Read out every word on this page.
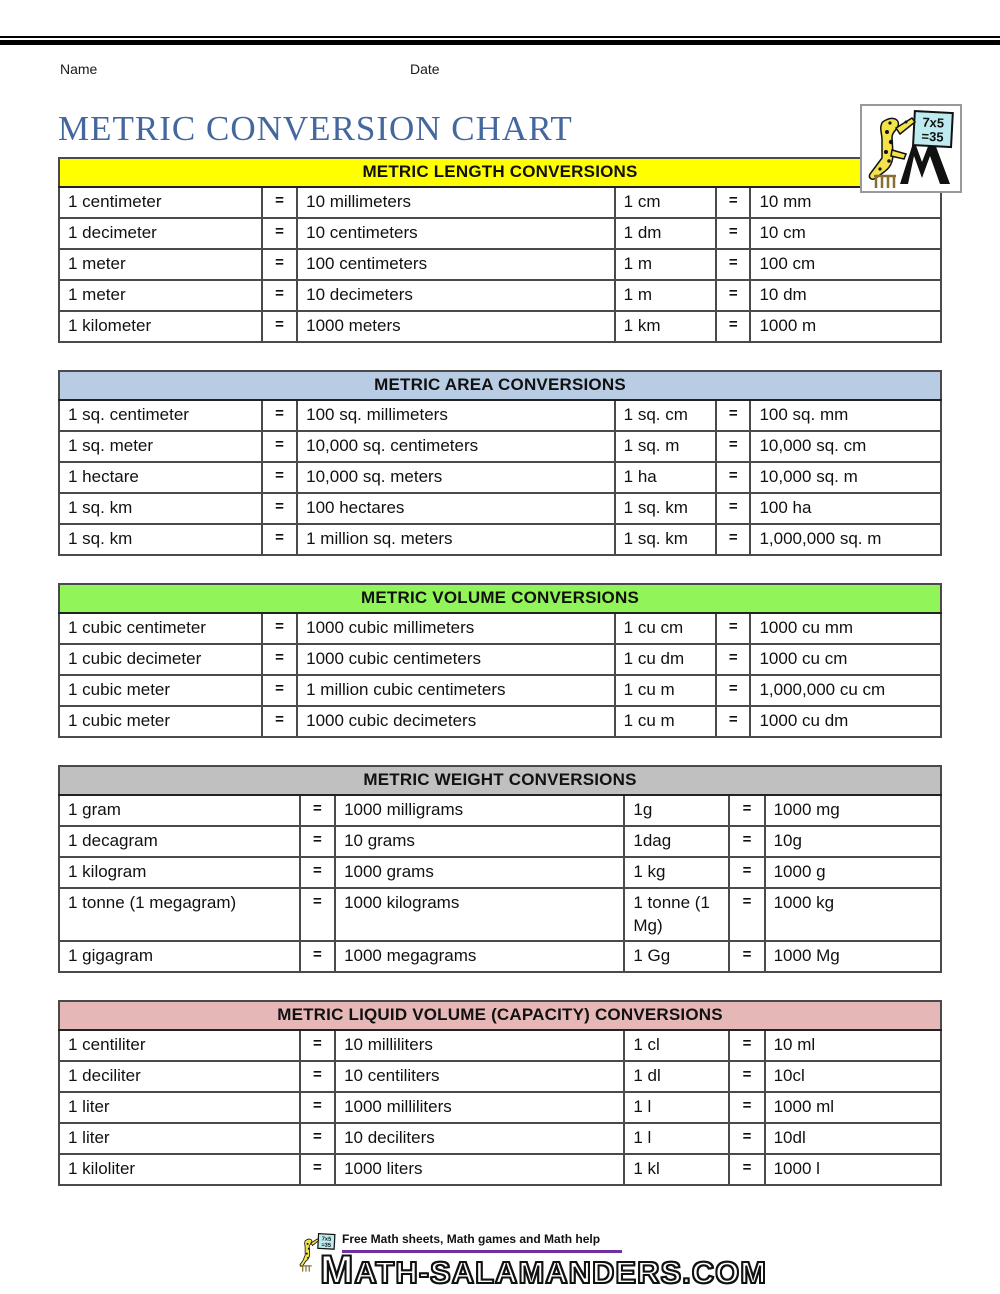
Name	Date
METRIC CONVERSION CHART	7x5
=35
METRIC LENGTH CONVERSIONS					
1 centimeter	=	10 millimeters	1 cm	=	10 mm
1 decimeter	=	10 centimeters	1 dm	=	10 cm
1 meter	=	100 centimeters	1 m	=	100 cm
1 meter	=	10 decimeters	1 m	=	10 dm
1 kilometer	=	1000 meters	1 km	=	1000 m
METRIC AREA CONVERSIONS					
1 sq. centimeter	=	100 sq. millimeters	1 sq. cm	=	100 sq. mm
1 sq. meter	=	10,000 sq. centimeters	1 sq. m	=	10,000 sq. cm
1 hectare	=	10,000 sq. meters	1 ha	=	10,000 sq. m
1 sq. km	=	100 hectares	1 sq. km	=	100 ha
1 sq. km	=	1 million sq. meters	1 sq. km	=	1,000,000 sq. m
METRIC VOLUME CONVERSIONS					
1 cubic centimeter	=	1000 cubic millimeters	1 cu cm	=	1000 cu mm
1 cubic decimeter	=	1000 cubic centimeters	1 cu dm	=	1000 cu cm
1 cubic meter	=	1 million cubic centimeters	1 cu m	=	1,000,000 cu cm
1 cubic meter	=	1000 cubic decimeters	1 cu m	=	1000 cu dm
METRIC WEIGHT CONVERSIONS					
1 gram	=	1000 milligrams	1g	=	1000 mg
1 decagram	=	10 grams	1dag	=	10g
1 kilogram	=	1000 grams	1 kg	=	1000 g
1 tonne (1 megagram)	=	1000 kilograms	1 tonne (1 Mg)	=	1000 kg
1 gigagram	=	1000 megagrams	1 Gg	=	1000 Mg
METRIC LIQUID VOLUME (CAPACITY) CONVERSIONS					
1 centiliter	=	10 milliliters	1 cl	=	10 ml
1 deciliter	=	10 centiliters	1 dl	=	10cl
1 liter	=	1000 milliliters	1 l	=	1000 ml
1 liter	=	10 deciliters	1 l	=	10dl
1 kiloliter	=	1000 liters	1 kl	=	1000 l
7x5
=35 Free Math sheets, Math games and Math help
MATH-SALAMANDERS.COM
